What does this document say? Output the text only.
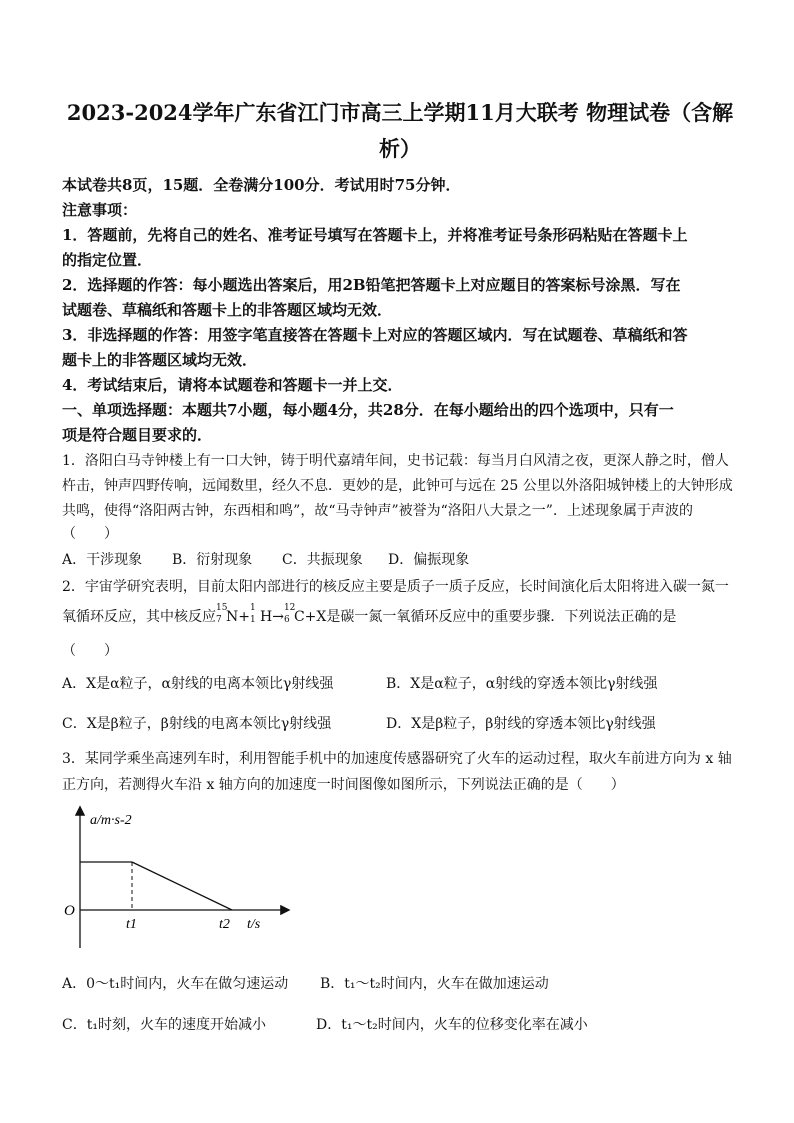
2023-2024学年广东省江门市高三上学期11月大联考 物理试卷（含解
析）
本试卷共8页，15题．全卷满分100分．考试用时75分钟．
注意事项：
1．答题前，先将自己的姓名、准考证号填写在答题卡上，并将准考证号条形码粘贴在答题卡上
的指定位置．
2．选择题的作答：每小题选出答案后，用2B铅笔把答题卡上对应题目的答案标号涂黑．写在
试题卷、草稿纸和答题卡上的非答题区域均无效．
3．非选择题的作答：用签字笔直接答在答题卡上对应的答题区域内．写在试题卷、草稿纸和答
题卡上的非答题区域均无效．
4．考试结束后，请将本试题卷和答题卡一并上交．
一、单项选择题：本题共7小题，每小题4分，共28分．在每小题给出的四个选项中，只有一
项是符合题目要求的．
1．洛阳白马寺钟楼上有一口大钟，铸于明代嘉靖年间，史书记载：每当月白风清之夜，更深人静之时，僧人
杵击，钟声四野传响，远闻数里，经久不息．更妙的是，此钟可与远在 25 公里以外洛阳城钟楼上的大钟形成
共鸣，使得“洛阳两古钟，东西相和鸣”，故“马寺钟声”被誉为“洛阳八大景之一”．上述现象属于声波的
（　　）
A．干涉现象 B．衍射现象 C．共振现象 D．偏振现象
2．宇宙学研究表明，目前太阳内部进行的核反应主要是质子一质子反应，长时间演化后太阳将进入碳一氮一
氧循环反应，其中核反应
15
7 N+
1
1 H→
12
6 C+X是碳一氮一氧循环反应中的重要步骤．下列说法正确的是
（　　）
A．X是α粒子，α射线的电离本领比γ射线强	B．X是α粒子，α射线的穿透本领比γ射线强
C．X是β粒子，β射线的电离本领比γ射线强	D．X是β粒子，β射线的穿透本领比γ射线强
3．某同学乘坐高速列车时，利用智能手机中的加速度传感器研究了火车的运动过程，取火车前进方向为 x 轴
正方向，若测得火车沿 x 轴方向的加速度一时间图像如图所示，下列说法正确的是（　　）
a/m·s-2
O
t1	t2 t/s
A．0～t₁时间内，火车在做匀速运动 B．t₁～t₂时间内，火车在做加速运动
C．t₁时刻，火车的速度开始减小	D．t₁～t₂时间内，火车的位移变化率在减小
